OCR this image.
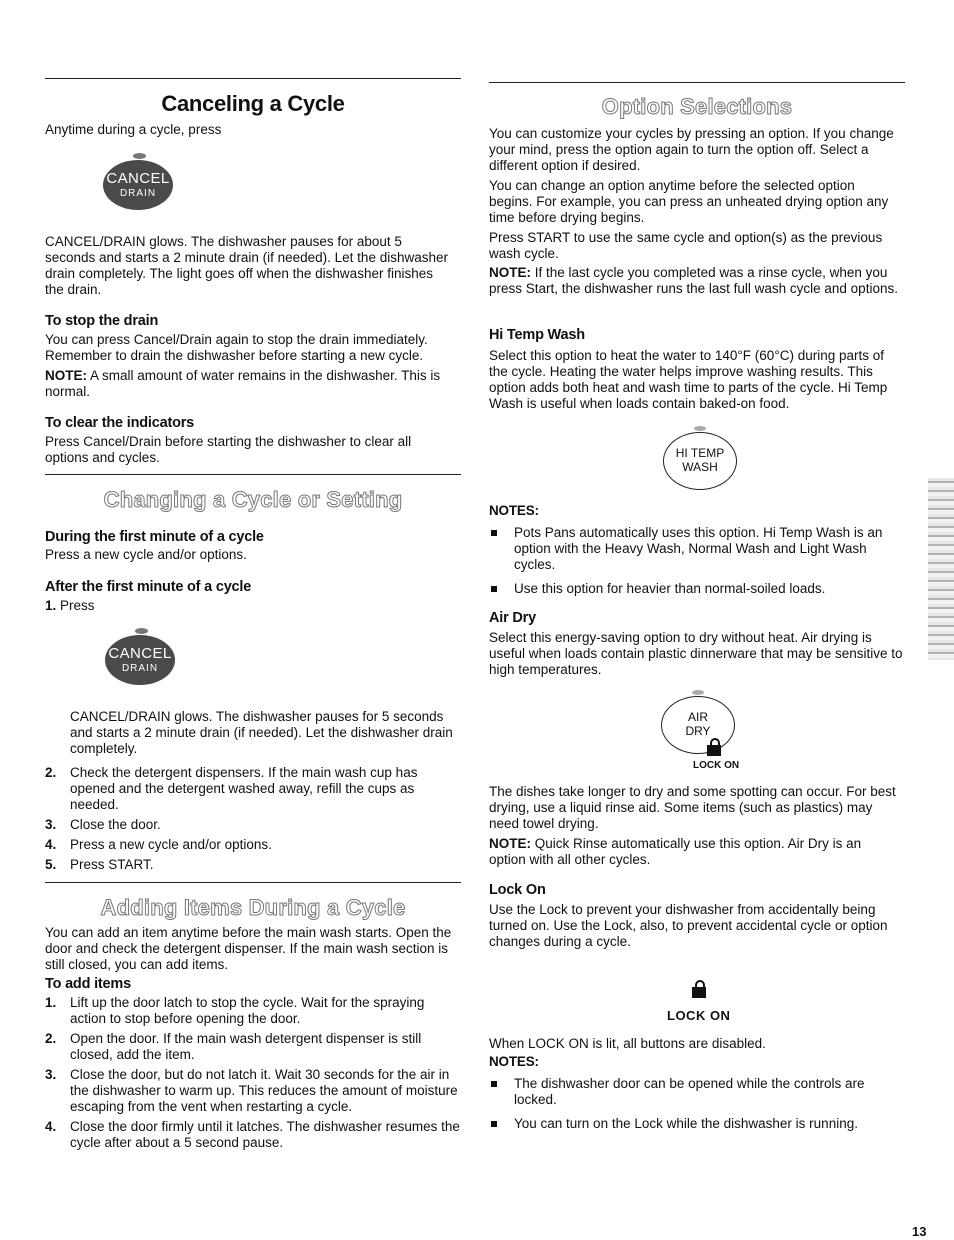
Canceling a Cycle

Anytime during a cycle, press

CANCEL
DRAIN

CANCEL/DRAIN glows. The dishwasher pauses for about 5 seconds and starts a 2 minute drain (if needed). Let the dishwasher drain completely. The light goes off when the dishwasher finishes the drain.

To stop the drain

You can press Cancel/Drain again to stop the drain immediately. Remember to drain the dishwasher before starting a new cycle.

NOTE: A small amount of water remains in the dishwasher. This is normal.

To clear the indicators

Press Cancel/Drain before starting the dishwasher to clear all options and cycles.

Changing a Cycle or Setting
During the first minute of a cycle

Press a new cycle and/or options.

After the first minute of a cycle

1. Press

CANCEL
DRAIN

CANCEL/DRAIN glows. The dishwasher pauses for 5 seconds and starts a 2 minute drain (if needed). Let the dishwasher drain completely.

2. Check the detergent dispensers. If the main wash cup has opened and the detergent washed away, refill the cups as needed.
3. Close the door.
4. Press a new cycle and/or options.
5. Press START.
Adding Items During a Cycle

You can add an item anytime before the main wash starts. Open the door and check the detergent dispenser. If the main wash section is still closed, you can add items.

To add items
1. Lift up the door latch to stop the cycle. Wait for the spraying action to stop before opening the door.
2. Open the door. If the main wash detergent dispenser is still closed, add the item.
3. Close the door, but do not latch it. Wait 30 seconds for the air in the dishwasher to warm up. This reduces the amount of moisture escaping from the vent when restarting a cycle.
4. Close the door firmly until it latches. The dishwasher resumes the cycle after about a 5 second pause.
Option Selections

You can customize your cycles by pressing an option. If you change your mind, press the option again to turn the option off. Select a different option if desired.

You can change an option anytime before the selected option begins. For example, you can press an unheated drying option any time before drying begins.

Press START to use the same cycle and option(s) as the previous wash cycle.

NOTE: If the last cycle you completed was a rinse cycle, when you press Start, the dishwasher runs the last full wash cycle and options.

Hi Temp Wash

Select this option to heat the water to 140°F (60°C) during parts of the cycle. Heating the water helps improve washing results. This option adds both heat and wash time to parts of the cycle. Hi Temp Wash is useful when loads contain baked-on food.

HI TEMP
WASH
NOTES:
Pots Pans automatically uses this option. Hi Temp Wash is an option with the Heavy Wash, Normal Wash and Light Wash cycles.
Use this option for heavier than normal-soiled loads.
Air Dry

Select this energy-saving option to dry without heat. Air drying is useful when loads contain plastic dinnerware that may be sensitive to high temperatures.

AIR
DRY
LOCK ON

The dishes take longer to dry and some spotting can occur. For best drying, use a liquid rinse aid. Some items (such as plastics) may need towel drying.

NOTE: Quick Rinse automatically use this option. Air Dry is an option with all other cycles.

Lock On

Use the Lock to prevent your dishwasher from accidentally being turned on. Use the Lock, also, to prevent accidental cycle or option changes during a cycle.

LOCK ON

When LOCK ON is lit, all buttons are disabled.

NOTES:
The dishwasher door can be opened while the controls are locked.
You can turn on the Lock while the dishwasher is running.
13
